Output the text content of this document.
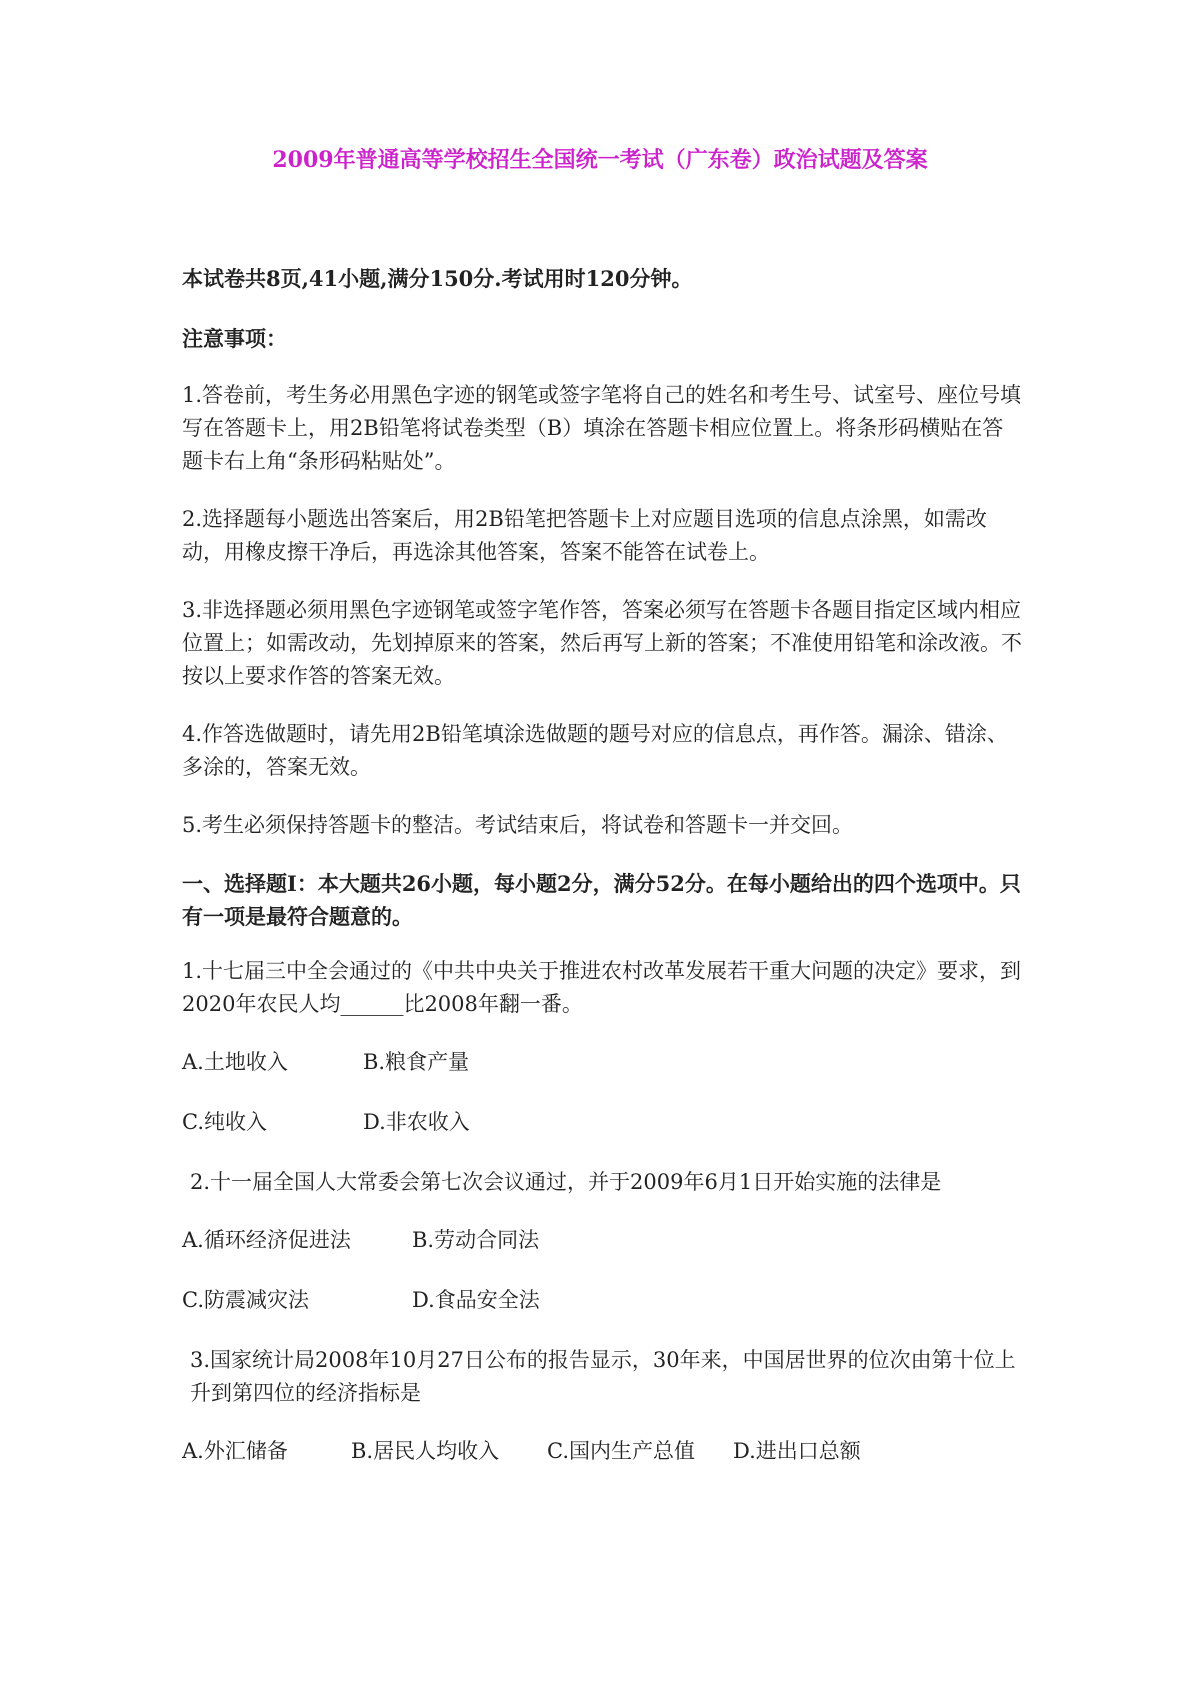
2009年普通高等学校招生全国统一考试（广东卷）政治试题及答案

本试卷共8页,41小题,满分150分.考试用时120分钟。

注意事项：

1.答卷前，考生务必用黑色字迹的钢笔或签字笔将自己的姓名和考生号、试室号、座位号填写在答题卡上，用2B铅笔将试卷类型（B）填涂在答题卡相应位置上。将条形码横贴在答题卡右上角“条形码粘贴处”。

2.选择题每小题选出答案后，用2B铅笔把答题卡上对应题目选项的信息点涂黑，如需改动，用橡皮擦干净后，再选涂其他答案，答案不能答在试卷上。

3.非选择题必须用黑色字迹钢笔或签字笔作答，答案必须写在答题卡各题目指定区域内相应位置上；如需改动，先划掉原来的答案，然后再写上新的答案；不准使用铅笔和涂改液。不按以上要求作答的答案无效。

4.作答选做题时，请先用2B铅笔填涂选做题的题号对应的信息点，再作答。漏涂、错涂、多涂的，答案无效。

5.考生必须保持答题卡的整洁。考试结束后，将试卷和答题卡一并交回。

一、选择题Ⅰ：本大题共26小题，每小题2分，满分52分。在每小题给出的四个选项中。只有一项是最符合题意的。

1.十七届三中全会通过的《中共中央关于推进农村改革发展若干重大问题的决定》要求，到2020年农民人均______比2008年翻一番。

A.土地收入	B.粮食产量

C.纯收入	D.非农收入

2.十一届全国人大常委会第七次会议通过，并于2009年6月1日开始实施的法律是

A.循环经济促进法	B.劳动合同法

C.防震减灾法	D.食品安全法

3.国家统计局2008年10月27日公布的报告显示，30年来，中国居世界的位次由第十位上升到第四位的经济指标是

A.外汇储备	B.居民人均收入 C.国内生产总值 D.进出口总额
